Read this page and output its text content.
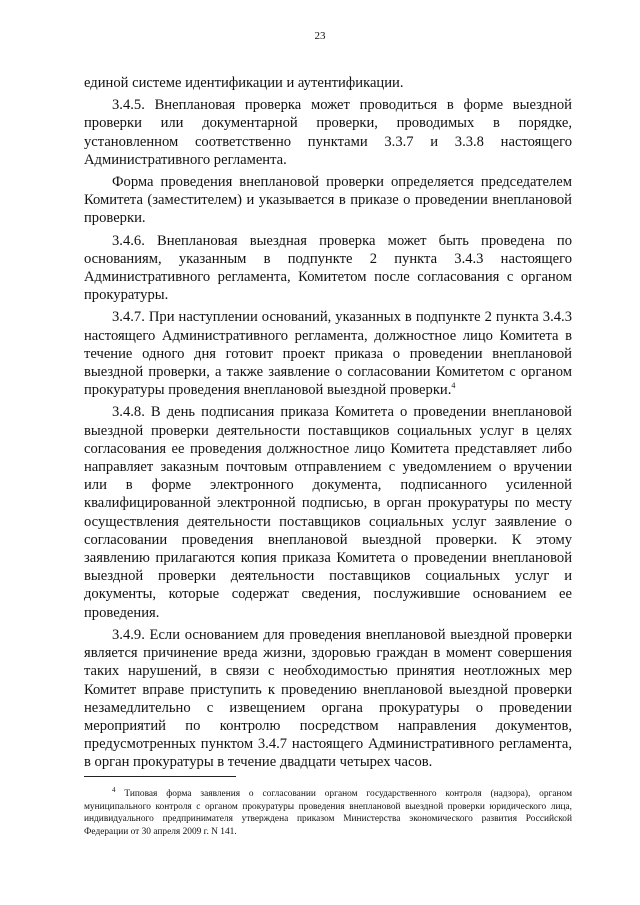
23

единой системе идентификации и аутентификации.

3.4.5. Внеплановая проверка может проводиться в форме выездной проверки или документарной проверки, проводимых в порядке, установленном соответственно пунктами 3.3.7 и 3.3.8 настоящего Административного регламента.

Форма проведения внеплановой проверки определяется председателем Комитета (заместителем) и указывается в приказе о проведении внеплановой проверки.

3.4.6. Внеплановая выездная проверка может быть проведена по основаниям, указанным в подпункте 2 пункта 3.4.3 настоящего Административного регламента, Комитетом после согласования с органом прокуратуры.

3.4.7. При наступлении оснований, указанных в подпункте 2 пункта 3.4.3 настоящего Административного регламента, должностное лицо Комитета в течение одного дня готовит проект приказа о проведении внеплановой выездной проверки, а также заявление о согласовании Комитетом с органом прокуратуры проведения внеплановой выездной проверки.$^4$

3.4.8. В день подписания приказа Комитета о проведении внеплановой выездной проверки деятельности поставщиков социальных услуг в целях согласования ее проведения должностное лицо Комитета представляет либо направляет заказным почтовым отправлением с уведомлением о вручении или в форме электронного документа, подписанного усиленной квалифицированной электронной подписью, в орган прокуратуры по месту осуществления деятельности поставщиков социальных услуг заявление о согласовании проведения внеплановой выездной проверки. К этому заявлению прилагаются копия приказа Комитета о проведении внеплановой выездной проверки деятельности поставщиков социальных услуг и документы, которые содержат сведения, послужившие основанием ее проведения.

3.4.9. Если основанием для проведения внеплановой выездной проверки является причинение вреда жизни, здоровью граждан в момент совершения таких нарушений, в связи с необходимостью принятия неотложных мер Комитет вправе приступить к проведению внеплановой выездной проверки незамедлительно с извещением органа прокуратуры о проведении мероприятий по контролю посредством направления документов, предусмотренных пунктом 3.4.7 настоящего Административного регламента, в орган прокуратуры в течение двадцати четырех часов.

$^4$ Типовая форма заявления о согласовании органом государственного контроля (надзора), органом муниципального контроля с органом прокуратуры проведения внеплановой выездной проверки юридического лица, индивидуального предпринимателя утверждена приказом Министерства экономического развития Российской Федерации от 30 апреля 2009 г. N 141.
